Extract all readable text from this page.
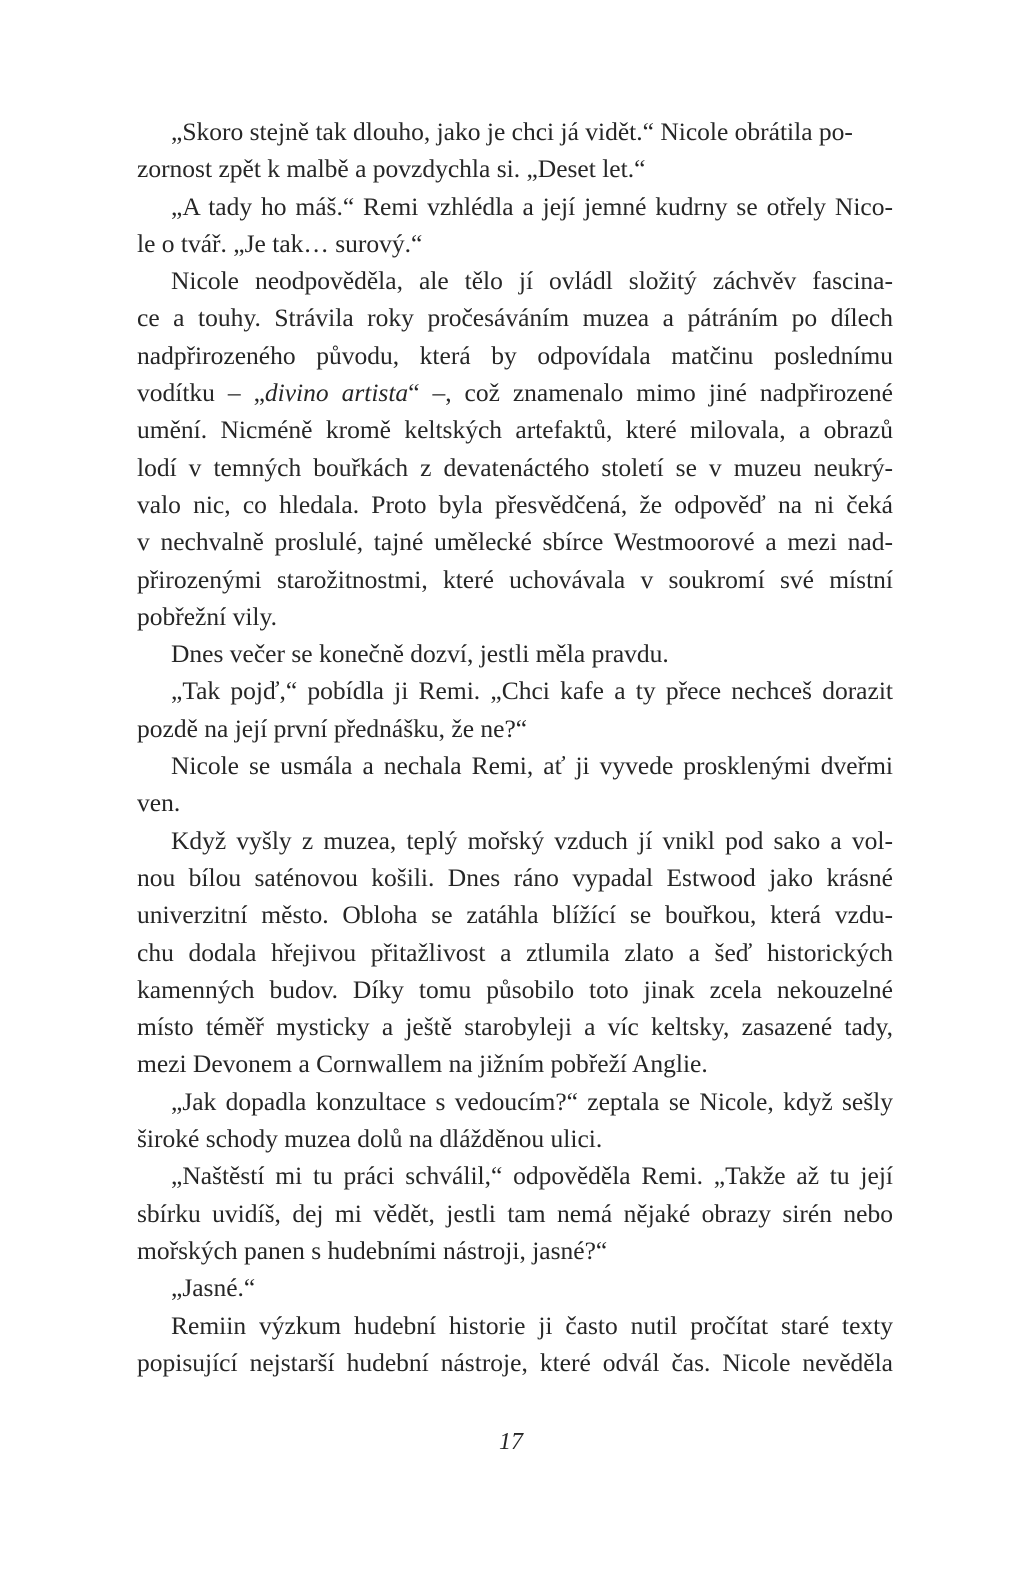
„Skoro stejně tak dlouho, jako je chci já vidět.“ Nicole obrátila po-
zornost zpět k malbě a povzdychla si. „Deset let.“
„A tady ho máš.“ Remi vzhlédla a její jemné kudrny se otřely Nico-
le o tvář. „Je tak… surový.“
Nicole neodpověděla, ale tělo jí ovládl složitý záchvěv fascina-
ce a touhy. Strávila roky pročesáváním muzea a pátráním po dílech
nadpřirozeného původu, která by odpovídala matčinu poslednímu
vodítku – „divino artista“ –, což znamenalo mimo jiné nadpřirozené
umění. Nicméně kromě keltských artefaktů, které milovala, a obrazů
lodí v temných bouřkách z devatenáctého století se v muzeu neukrý-
valo nic, co hledala. Proto byla přesvědčená, že odpověď na ni čeká
v nechvalně proslulé, tajné umělecké sbírce Westmoorové a mezi nad-
přirozenými starožitnostmi, které uchovávala v soukromí své místní
pobřežní vily.
Dnes večer se konečně dozví, jestli měla pravdu.
„Tak pojď,“ pobídla ji Remi. „Chci kafe a ty přece nechceš dorazit
pozdě na její první přednášku, že ne?“
Nicole se usmála a nechala Remi, ať ji vyvede prosklenými dveřmi
ven.
Když vyšly z muzea, teplý mořský vzduch jí vnikl pod sako a vol-
nou bílou saténovou košili. Dnes ráno vypadal Estwood jako krásné
univerzitní město. Obloha se zatáhla blížící se bouřkou, která vzdu-
chu dodala hřejivou přitažlivost a ztlumila zlato a šeď historických
kamenných budov. Díky tomu působilo toto jinak zcela nekouzelné
místo téměř mysticky a ještě starobyleji a víc keltsky, zasazené tady,
mezi Devonem a Cornwallem na jižním pobřeží Anglie.
„Jak dopadla konzultace s vedoucím?“ zeptala se Nicole, když sešly
široké schody muzea dolů na dlážděnou ulici.
„Naštěstí mi tu práci schválil,“ odpověděla Remi. „Takže až tu její
sbírku uvidíš, dej mi vědět, jestli tam nemá nějaké obrazy sirén nebo
mořských panen s hudebními nástroji, jasné?“
„Jasné.“
Remiin výzkum hudební historie ji často nutil pročítat staré texty
popisující nejstarší hudební nástroje, které odvál čas. Nicole nevěděla
17
